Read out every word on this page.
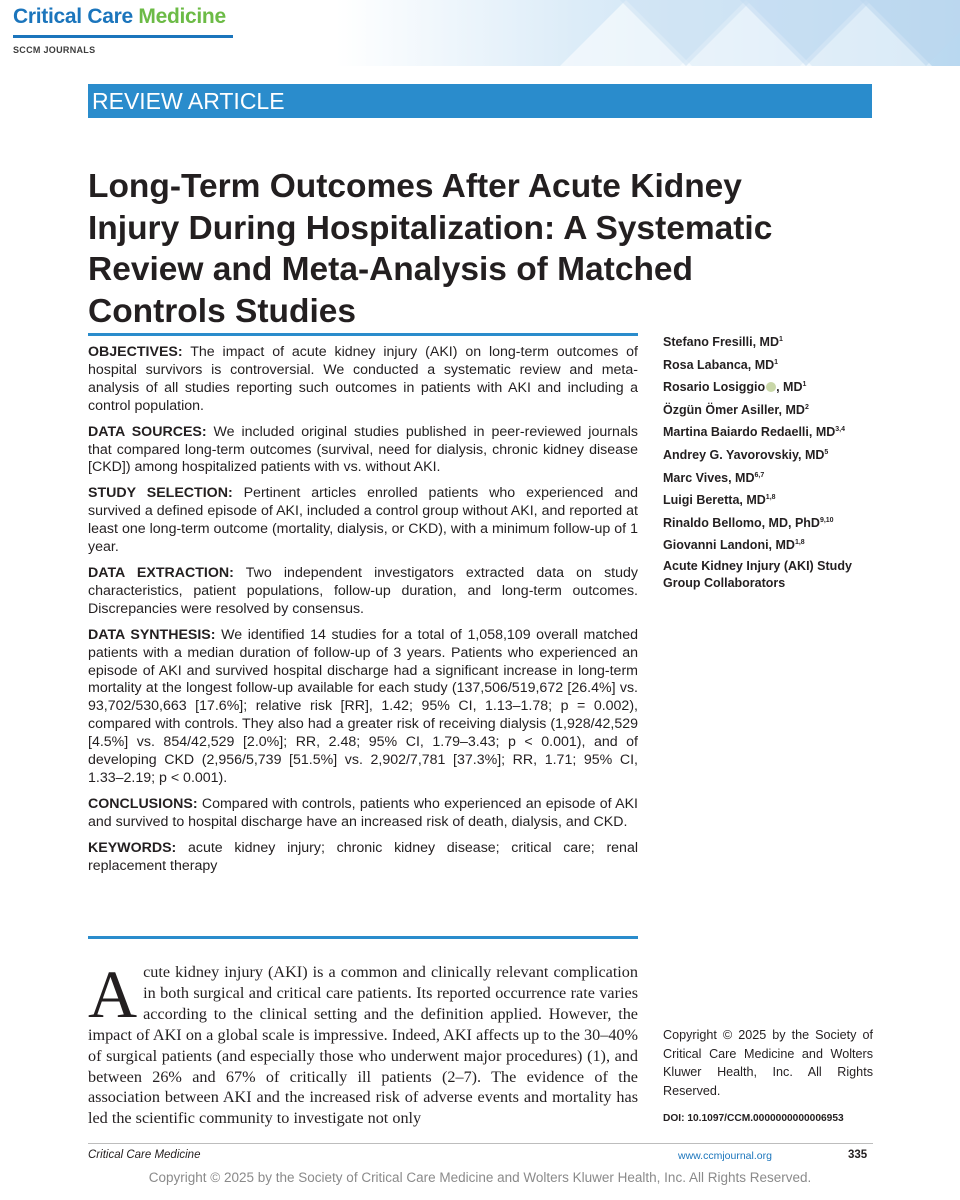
Critical Care Medicine
SCCM JOURNALS
REVIEW ARTICLE
Long-Term Outcomes After Acute Kidney Injury During Hospitalization: A Systematic Review and Meta-Analysis of Matched Controls Studies

OBJECTIVES: The impact of acute kidney injury (AKI) on long-term outcomes of hospital survivors is controversial. We conducted a systematic review and meta-analysis of all studies reporting such outcomes in patients with AKI and including a control population.

DATA SOURCES: We included original studies published in peer-reviewed journals that compared long-term outcomes (survival, need for dialysis, chronic kidney disease [CKD]) among hospitalized patients with vs. without AKI.

STUDY SELECTION: Pertinent articles enrolled patients who experienced and survived a defined episode of AKI, included a control group without AKI, and reported at least one long-term outcome (mortality, dialysis, or CKD), with a minimum follow-up of 1 year.

DATA EXTRACTION: Two independent investigators extracted data on study characteristics, patient populations, follow-up duration, and long-term outcomes. Discrepancies were resolved by consensus.

DATA SYNTHESIS: We identified 14 studies for a total of 1,058,109 overall matched patients with a median duration of follow-up of 3 years. Patients who experienced an episode of AKI and survived hospital discharge had a significant increase in long-term mortality at the longest follow-up available for each study (137,506/519,672 [26.4%] vs. 93,702/530,663 [17.6%]; relative risk [RR], 1.42; 95% CI, 1.13–1.78; p = 0.002), compared with controls. They also had a greater risk of receiving dialysis (1,928/42,529 [4.5%] vs. 854/42,529 [2.0%]; RR, 2.48; 95% CI, 1.79–3.43; p < 0.001), and of developing CKD (2,956/5,739 [51.5%] vs. 2,902/7,781 [37.3%]; RR, 1.71; 95% CI, 1.33–2.19; p < 0.001).

CONCLUSIONS: Compared with controls, patients who experienced an episode of AKI and survived to hospital discharge have an increased risk of death, dialysis, and CKD.

KEYWORDS: acute kidney injury; chronic kidney disease; critical care; renal replacement therapy

Stefano Fresilli, $MD^1$
Rosa Labanca, $MD^1$
Rosario Losiggio , $MD^1$
Özgün Ömer Asiller, $MD^2$
Martina Baiardo Redaelli, MD$^{3,4}$
Andrey G. Yavorovskiy, $MD^5$
Marc Vives, MD$^{6,7}$
Luigi Beretta, MD$^{1,8}$
Rinaldo Bellomo, MD, PhD$^{9,10}$
Giovanni Landoni, MD$^{1,8}$
Acute Kidney Injury (AKI) Study Group Collaborators
Acute kidney injury (AKI) is a common and clinically relevant complication in both surgical and critical care patients. Its reported occurrence rate varies according to the clinical setting and the definition applied. However, the impact of AKI on a global scale is impressive. Indeed, AKI affects up to the 30–40% of surgical patients (and especially those who underwent major procedures) (1), and between 26% and 67% of critically ill patients (2–7). The evidence of the association between AKI and the increased risk of adverse events and mortality has led the scientific community to investigate not only
Copyright © 2025 by the Society of Critical Care Medicine and Wolters Kluwer Health, Inc. All Rights Reserved.
DOI: 10.1097/CCM.0000000000006953
Critical Care Medicine	www.ccmjournal.org	335
Copyright © 2025 by the Society of Critical Care Medicine and Wolters Kluwer Health, Inc. All Rights Reserved.
